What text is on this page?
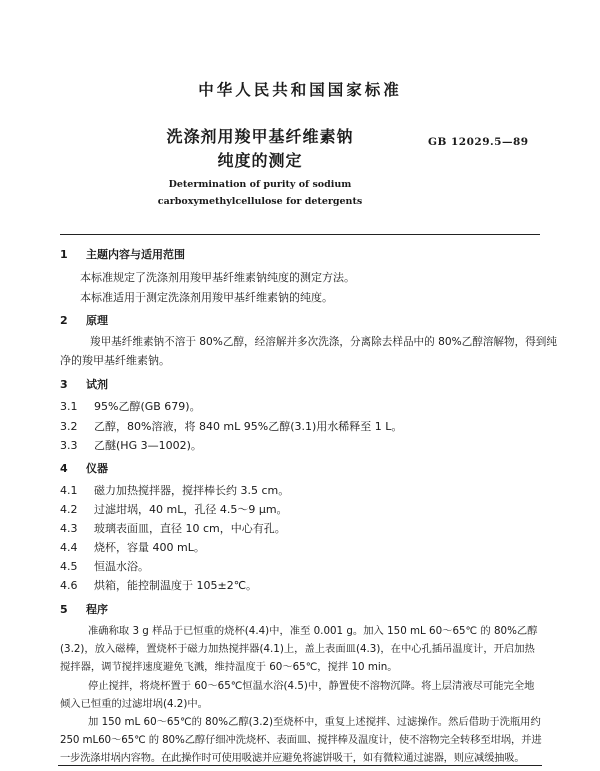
中华人民共和国国家标准
洗涤剂用羧甲基纤维素钠
纯度的测定
GB 12029.5—89
Determination of purity of sodium
carboxymethylcellulose for detergents
1 主题内容与适用范围
本标准规定了洗涤剂用羧甲基纤维素钠纯度的测定方法。
本标准适用于测定洗涤剂用羧甲基纤维素钠的纯度。
2 原理
羧甲基纤维素钠不溶于 80%乙醇，经溶解并多次洗涤，分离除去样品中的 80%乙醇溶解物，得到纯
净的羧甲基纤维素钠。
3 试剂
3.1 95%乙醇(GB 679)。
3.2 乙醇，80%溶液，将 840 mL 95%乙醇(3.1)用水稀释至 1 L。
3.3 乙醚(HG 3—1002)。
4 仪器
4.1 磁力加热搅拌器，搅拌棒长约 3.5 cm。
4.2 过滤坩埚，40 mL，孔径 4.5～9 μm。
4.3 玻璃表面皿，直径 10 cm，中心有孔。
4.4 烧杯，容量 400 mL。
4.5 恒温水浴。
4.6 烘箱，能控制温度于 105±2℃。
5 程序
准确称取 3 g 样品于已恒重的烧杯(4.4)中，准至 0.001 g。加入 150 mL 60～65℃ 的 80%乙醇
(3.2)，放入磁棒，置烧杯于磁力加热搅拌器(4.1)上，盖上表面皿(4.3)，在中心孔插吊温度计，开启加热
搅拌器，调节搅拌速度避免飞溅，维持温度于 60～65℃，搅拌 10 min。
停止搅拌，将烧杯置于 60～65℃恒温水浴(4.5)中，静置使不溶物沉降。将上层清液尽可能完全地
倾入已恒重的过滤坩埚(4.2)中。
加 150 mL 60～65℃的 80%乙醇(3.2)至烧杯中，重复上述搅拌、过滤操作。然后借助于洗瓶用约
250 mL60～65℃ 的 80%乙醇仔细冲洗烧杯、表面皿、搅拌棒及温度计，使不溶物完全转移至坩埚，并进
一步洗涤坩埚内容物。在此操作时可使用吸滤并应避免将滤饼吸干，如有微粒通过滤器，则应减缓抽吸。
